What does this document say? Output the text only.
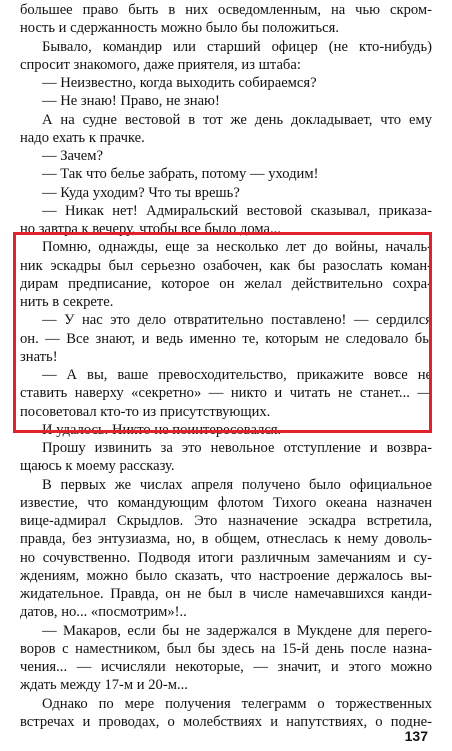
встречах и проводах, о молебствиях и напутствиях, о подне-
Однако по мере получения телеграмм о торжественных
ждать между 17-м и 20-м...
чения... — исчисляли некоторые, — значит, и этого можно
воров с наместником, был бы здесь на 15-й день после назна-
— Макаров, если бы не задержался в Мукдене для перего-
датов, но... «посмотрим»!..
жидательное. Правда, он не был в числе намечавшихся канди-
ждениям, можно было сказать, что настроение держалось вы-
но сочувственно. Подводя итоги различным замечаниям и су-
правда, без энтузиазма, но, в общем, отнеслась к нему доволь-
вице-адмирал Скрыдлов. Это назначение эскадра встретила,
известие, что командующим флотом Тихого океана назначен
В первых же числах апреля получено было официальное
щаюсь к моему рассказу.
Прошу извинить за это невольное отступление и возвра-
И удалось. Никто не поинтересовался.
посоветовал кто-то из присутствующих.
ставить наверху «секретно» — никто и читать не станет... —
— А вы, ваше превосходительство, прикажите вовсе не
знать!
он. — Все знают, и ведь именно те, которым не следовало бы
— У нас это дело отвратительно поставлено! — сердился
нить в секрете.
дирам предписание, которое он желал действительно сохра-
ник эскадры был серьезно озабочен, как бы разослать коман-
Помню, однажды, еще за несколько лет до войны, началь-
но завтра к вечеру, чтобы все было дома...
— Никак нет! Адмиральский вестовой сказывал, приказа-
— Куда уходим? Что ты врешь?
— Так что белье забрать, потому — уходим!
— Зачем?
надо ехать к прачке.
А на судне вестовой в тот же день докладывает, что ему
— Не знаю! Право, не знаю!
— Неизвестно, когда выходить собираемся?
спросит знакомого, даже приятеля, из штаба:
Бывало, командир или старший офицер (не кто-нибудь)
ность и сдержанность можно было бы положиться.
большее право быть в них осведомленным, на чью скром-
137
